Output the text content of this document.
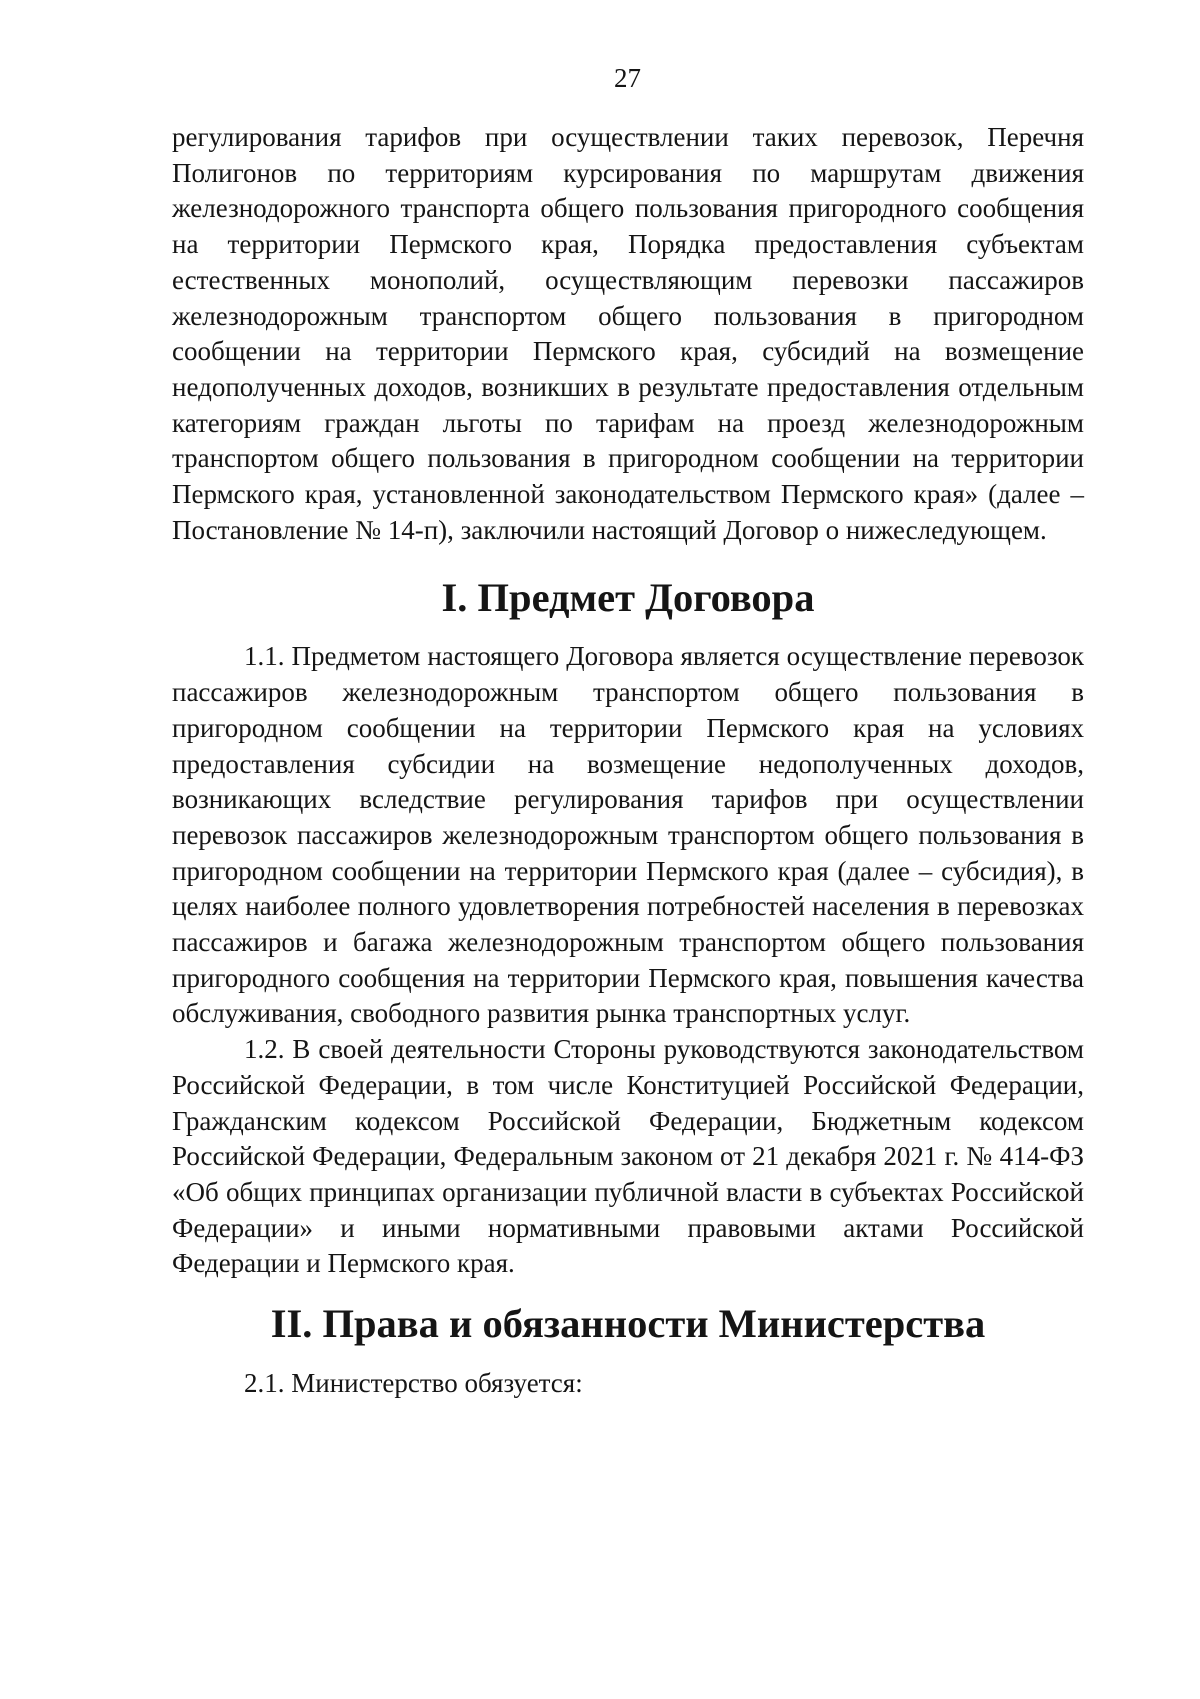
27

регулирования тарифов при осуществлении таких перевозок, Перечня Полигонов по территориям курсирования по маршрутам движения железнодорожного транспорта общего пользования пригородного сообщения на территории Пермского края, Порядка предоставления субъектам естественных монополий, осуществляющим перевозки пассажиров железнодорожным транспортом общего пользования в пригородном сообщении на территории Пермского края, субсидий на возмещение недополученных доходов, возникших в результате предоставления отдельным категориям граждан льготы по тарифам на проезд железнодорожным транспортом общего пользования в пригородном сообщении на территории Пермского края, установленной законодательством Пермского края» (далее – Постановление № 14-п), заключили настоящий Договор о нижеследующем.

I. Предмет Договора

1.1. Предметом настоящего Договора является осуществление перевозок пассажиров железнодорожным транспортом общего пользования в пригородном сообщении на территории Пермского края на условиях предоставления субсидии на возмещение недополученных доходов, возникающих вследствие регулирования тарифов при осуществлении перевозок пассажиров железнодорожным транспортом общего пользования в пригородном сообщении на территории Пермского края (далее – субсидия), в целях наиболее полного удовлетворения потребностей населения в перевозках пассажиров и багажа железнодорожным транспортом общего пользования пригородного сообщения на территории Пермского края, повышения качества обслуживания, свободного развития рынка транспортных услуг.

1.2. В своей деятельности Стороны руководствуются законодательством Российской Федерации, в том числе Конституцией Российской Федерации, Гражданским кодексом Российской Федерации, Бюджетным кодексом Российской Федерации, Федеральным законом от 21 декабря 2021 г. № 414-ФЗ «Об общих принципах организации публичной власти в субъектах Российской Федерации» и иными нормативными правовыми актами Российской Федерации и Пермского края.

II. Права и обязанности Министерства

2.1. Министерство обязуется:
